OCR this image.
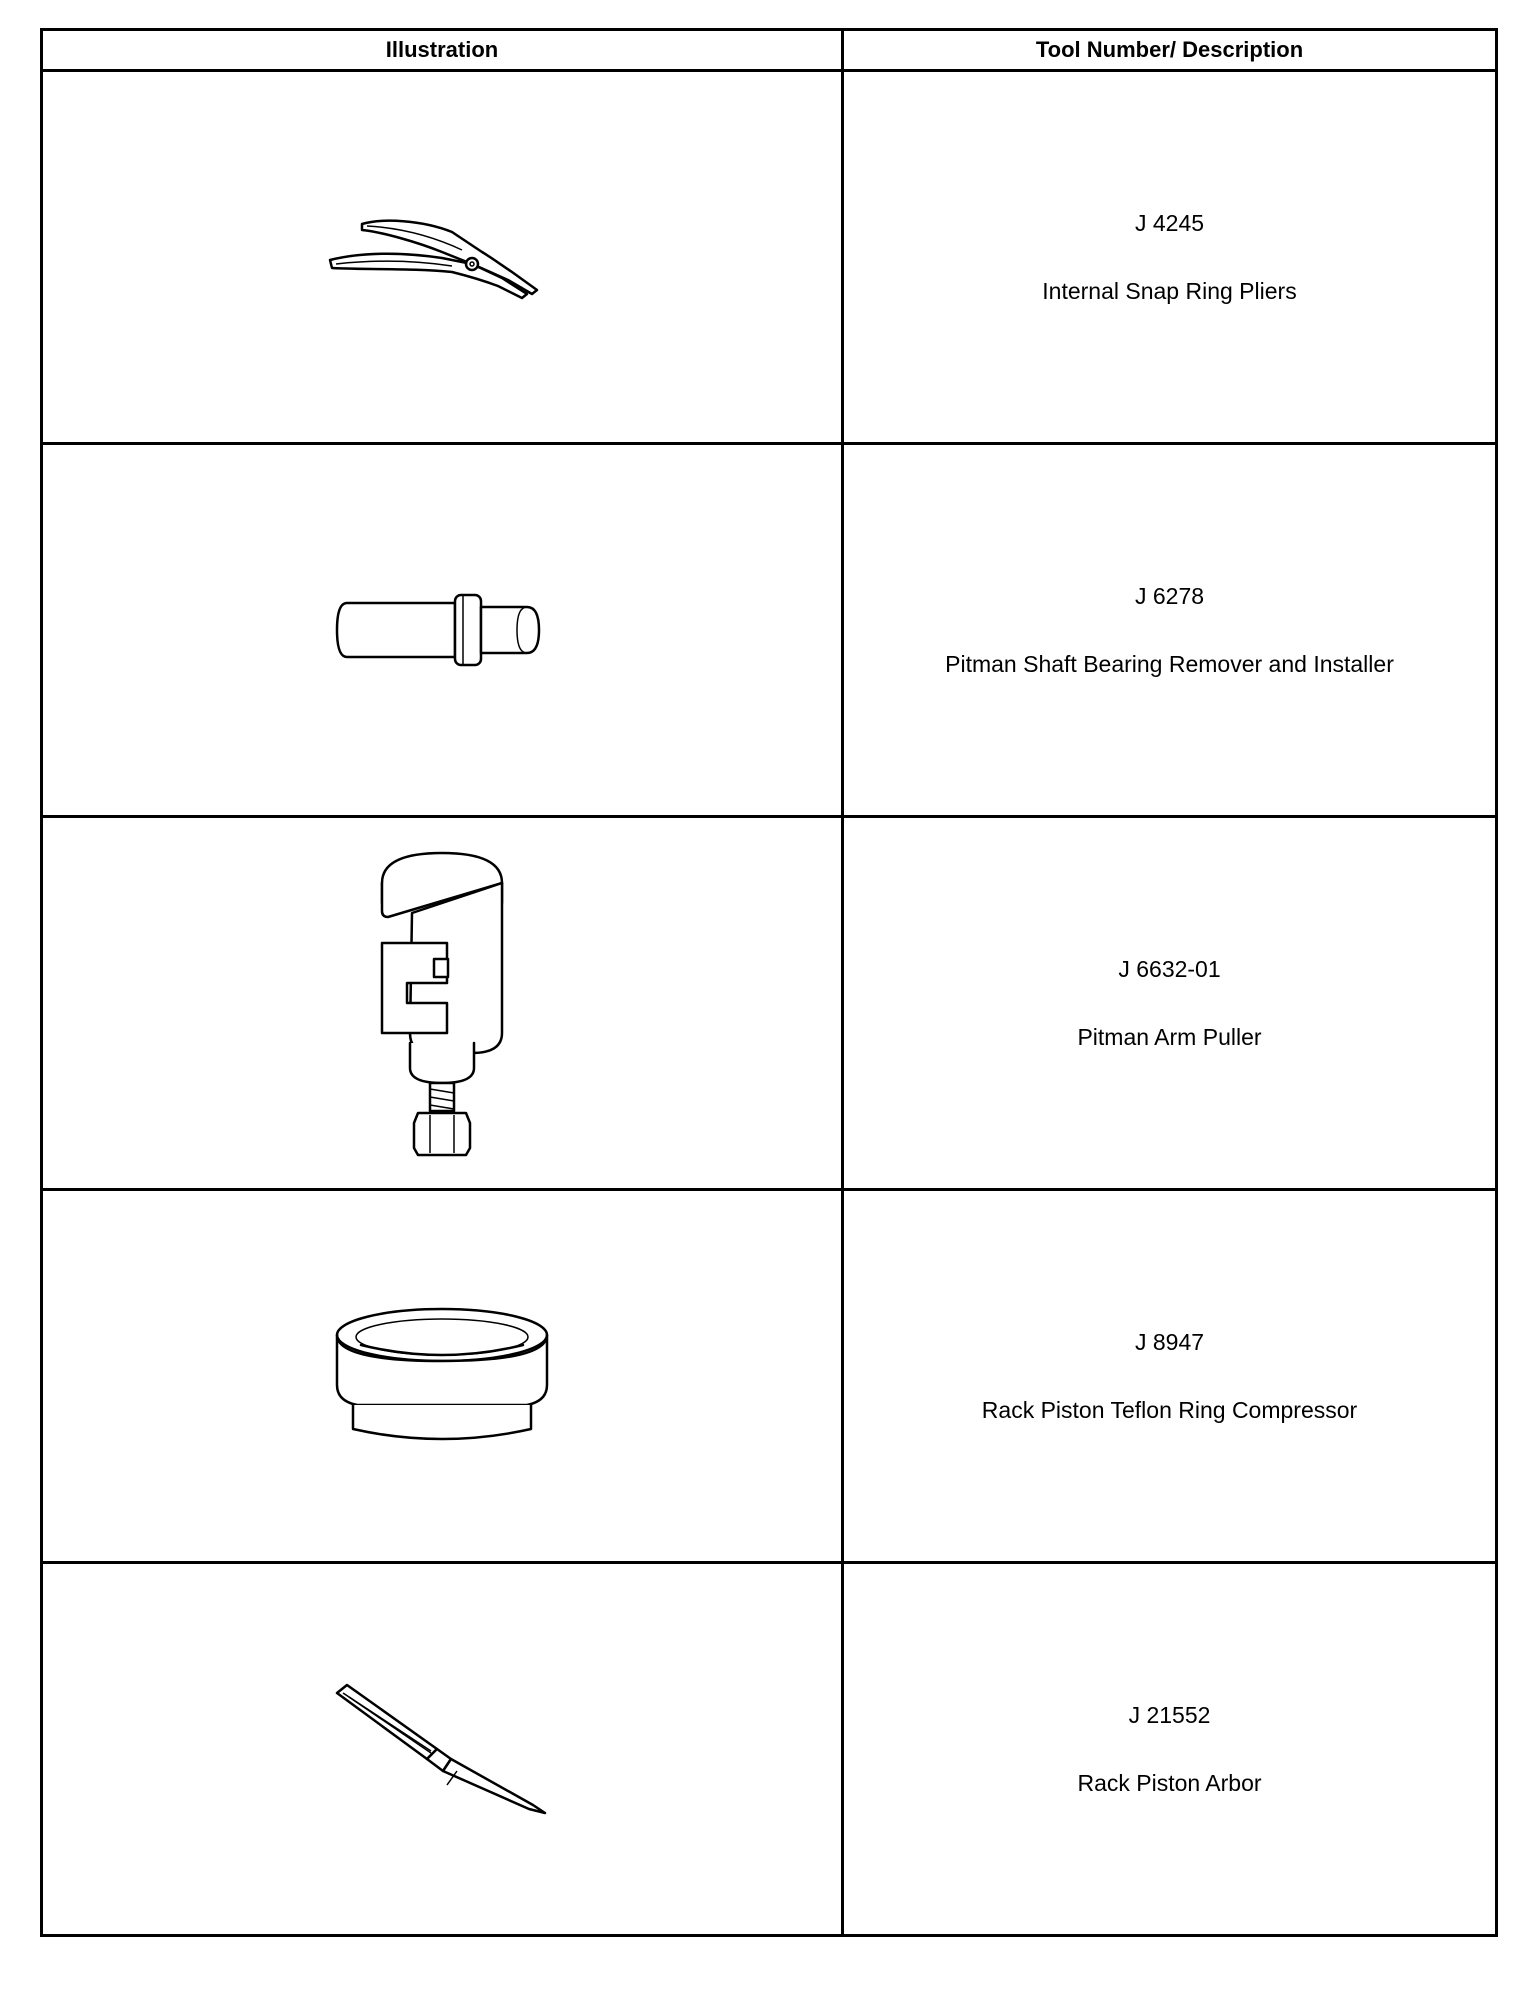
Illustration	Tool Number/ Description

J 4245
Internal Snap Ring Pliers

J 6278
Pitman Shaft Bearing Remover and Installer

J 6632-01
Pitman Arm Puller

J 8947
Rack Piston Teflon Ring Compressor

J 21552
Rack Piston Arbor
